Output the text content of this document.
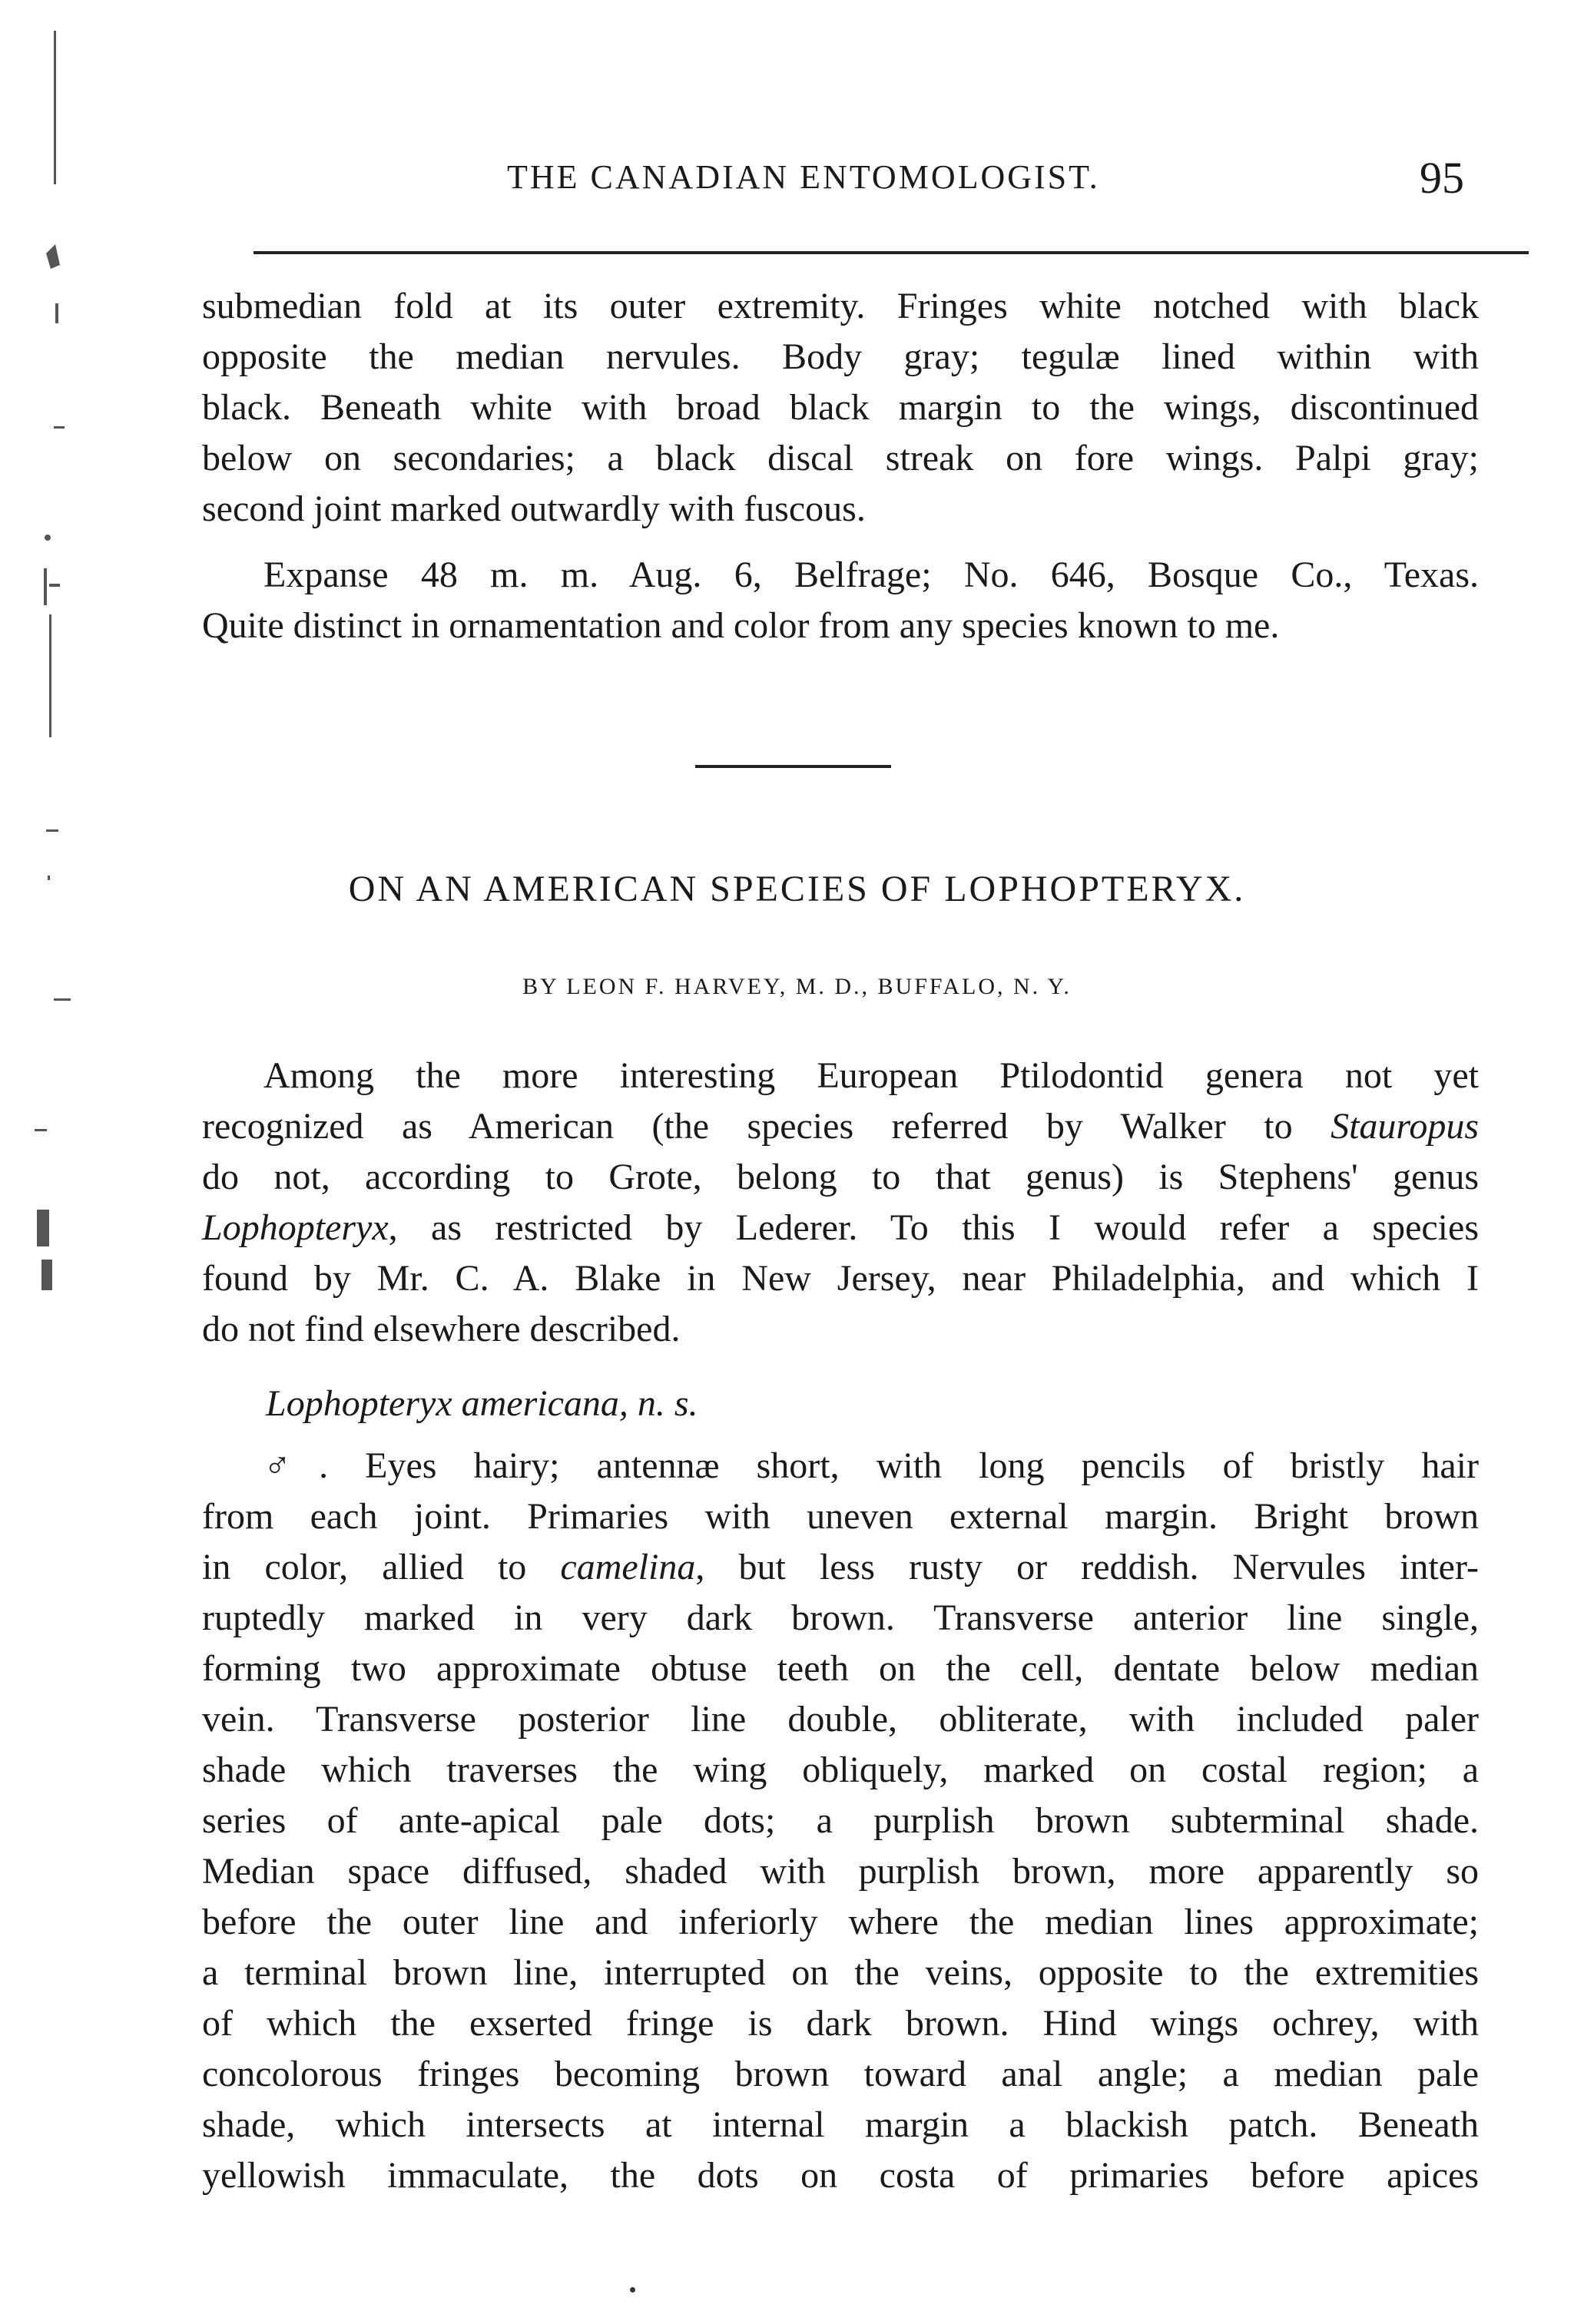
THE CANADIAN ENTOMOLOGIST.	95
submedian fold at its outer extremity. Fringes white notched with black
opposite the median nervules. Body gray; tegulæ lined within with
black. Beneath white with broad black margin to the wings, discontinued
below on secondaries; a black discal streak on fore wings. Palpi gray;
second joint marked outwardly with fuscous.
Expanse 48 m. m. Aug. 6, Belfrage; No. 646, Bosque Co., Texas.
Quite distinct in ornamentation and color from any species known to me.
ON AN AMERICAN SPECIES OF LOPHOPTERYX.
BY LEON F. HARVEY, M. D., BUFFALO, N. Y.
Among the more interesting European Ptilodontid genera not yet
recognized as American (the species referred by Walker to Stauropus
do not, according to Grote, belong to that genus) is Stephens' genus
Lophopteryx, as restricted by Lederer. To this I would refer a species
found by Mr. C. A. Blake in New Jersey, near Philadelphia, and which I
do not find elsewhere described.
Lophopteryx americana, n. s.
♂. Eyes hairy; antennæ short, with long pencils of bristly hair
from each joint. Primaries with uneven external margin. Bright brown
in color, allied to camelina, but less rusty or reddish. Nervules inter-
ruptedly marked in very dark brown. Transverse anterior line single,
forming two approximate obtuse teeth on the cell, dentate below median
vein. Transverse posterior line double, obliterate, with included paler
shade which traverses the wing obliquely, marked on costal region; a
series of ante-apical pale dots; a purplish brown subterminal shade.
Median space diffused, shaded with purplish brown, more apparently so
before the outer line and inferiorly where the median lines approximate;
a terminal brown line, interrupted on the veins, opposite to the extremities
of which the exserted fringe is dark brown. Hind wings ochrey, with
concolorous fringes becoming brown toward anal angle; a median pale
shade, which intersects at internal margin a blackish patch. Beneath
yellowish immaculate, the dots on costa of primaries before apices
